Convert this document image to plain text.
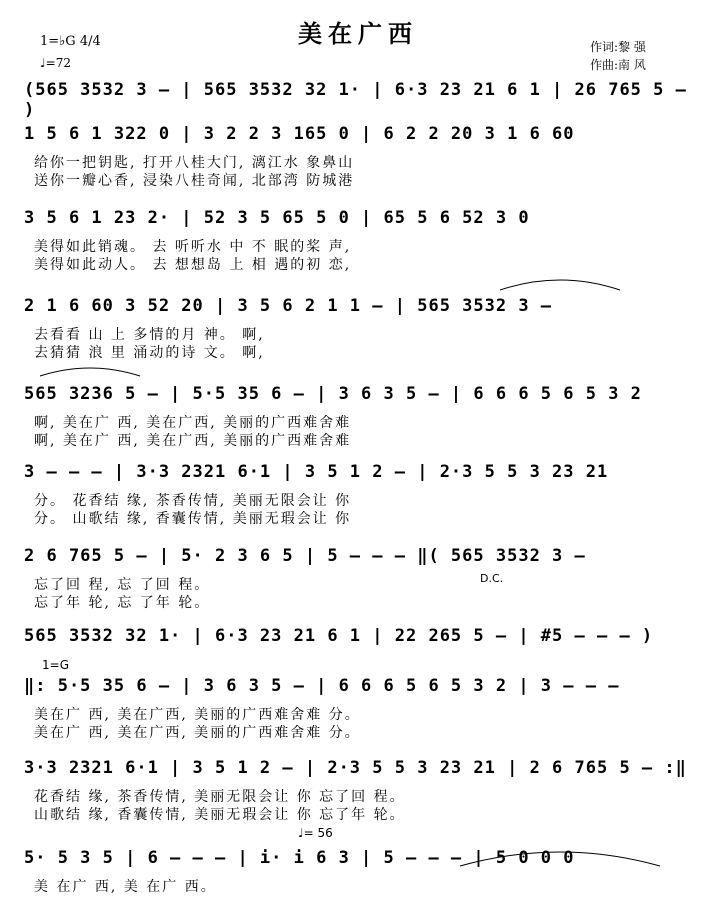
美在广西
1=♭G 4/4
♩=72
作词:黎 强
作曲:南 风
(565 3532 3 – | 565 3532 32 1· | 6·3 23 21 6 1 | 26 765 5 – )
1 5 6 1 322 0 | 3 2 2 3 165 0 | 6 2 2 20 3 1 6 60
给你一把钥匙, 打开八桂大门, 漓江水 象鼻山
送你一瓣心香, 浸染八桂奇闻, 北部湾 防城港
3 5 6 1 23 2· | 52 3 5 65 5 0 | 65 5 6 52 3 0
美得如此销魂。 去 听听水 中 不 眠的桨 声,
美得如此动人。 去 想想岛 上 相 遇的初 恋,
2 1 6 60 3 52 20 | 3 5 6 2 1 1 – | 565 3532 3 –
去看看 山 上 多情的月 神。 啊,
去猜猜 浪 里 涌动的诗 文。 啊,
565 3236 5 – | 5·5 35 6 – | 3 6 3 5 – | 6 6 6 5 6 5 3 2
啊, 美在广 西, 美在广西, 美丽的广西难舍难
啊, 美在广 西, 美在广西, 美丽的广西难舍难
3 – – – | 3·3 2321 6·1 | 3 5 1 2 – | 2·3 5 5 3 23 21
分。 花香结 缘, 茶香传情, 美丽无限会让 你
分。 山歌结 缘, 香囊传情, 美丽无瑕会让 你
2 6 765 5 – | 5· 2 3 6 5 | 5 – – – ‖( 565 3532 3 –
忘了回 程, 忘 了回 程。
忘了年 轮, 忘 了年 轮。
D.C.
565 3532 32 1· | 6·3 23 21 6 1 | 22 265 5 – | #5 – – – )
1=G
‖: 5·5 35 6 – | 3 6 3 5 – | 6 6 6 5 6 5 3 2 | 3 – – –
美在广 西, 美在广西, 美丽的广西难舍难 分。
美在广 西, 美在广西, 美丽的广西难舍难 分。
3·3 2321 6·1 | 3 5 1 2 – | 2·3 5 5 3 23 21 | 2 6 765 5 – :‖
花香结 缘, 茶香传情, 美丽无限会让 你 忘了回 程。
山歌结 缘, 香囊传情, 美丽无瑕会让 你 忘了年 轮。
♩= 56
5· 5 3 5 | 6 – – – | i· i 6 3 | 5 – – – | 5 0 0 0
美 在广 西, 美 在广 西。
